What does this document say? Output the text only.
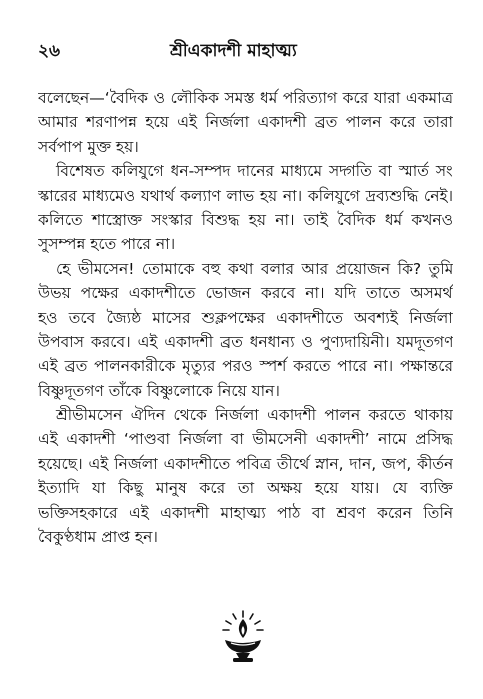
২৬	শ্রীএকাদশী মাহাত্ম্য
বলেছেন—‘বৈদিক ও লৌকিক সমস্ত ধর্ম পরিত্যাগ করে যারা একমাত্র
আমার শরণাপন্ন হয়ে এই নির্জলা একাদশী ব্রত পালন করে তারা
সর্বপাপ মুক্ত হয়।
বিশেষত কলিযুগে ধন-সম্পদ দানের মাধ্যমে সদ্গতি বা স্মার্ত সং
স্কারের মাধ্যমেও যথার্থ কল্যাণ লাভ হয় না। কলিযুগে দ্রব্যশুদ্ধি নেই।
কলিতে শাস্ত্রোক্ত সংস্কার বিশুদ্ধ হয় না। তাই বৈদিক ধর্ম কখনও
সুসম্পন্ন হতে পারে না।
হে ভীমসেন! তোমাকে বহু কথা বলার আর প্রয়োজন কি? তুমি
উভয় পক্ষের একাদশীতে ভোজন করবে না। যদি তাতে অসমর্থ
হও তবে জ্যৈষ্ঠ মাসের শুক্লপক্ষের একাদশীতে অবশ্যই নির্জলা
উপবাস করবে। এই একাদশী ব্রত ধনধান্য ও পুণ্যদায়িনী। যমদূতগণ
এই ব্রত পালনকারীকে মৃত্যুর পরও স্পর্শ করতে পারে না। পক্ষান্তরে
বিষ্ণুদূতগণ তাঁকে বিষ্ণুলোকে নিয়ে যান।
শ্রীভীমসেন ঐদিন থেকে নির্জলা একাদশী পালন করতে থাকায়
এই একাদশী ‘পাণ্ডবা নির্জলা বা ভীমসেনী একাদশী’ নামে প্রসিদ্ধ
হয়েছে। এই নির্জলা একাদশীতে পবিত্র তীর্থে স্নান, দান, জপ, কীর্তন
ইত্যাদি যা কিছু মানুষ করে তা অক্ষয় হয়ে যায়। যে ব্যক্তি
ভক্তিসহকারে এই একাদশী মাহাত্ম্য পাঠ বা শ্রবণ করেন তিনি
বৈকুণ্ঠধাম প্রাপ্ত হন।
